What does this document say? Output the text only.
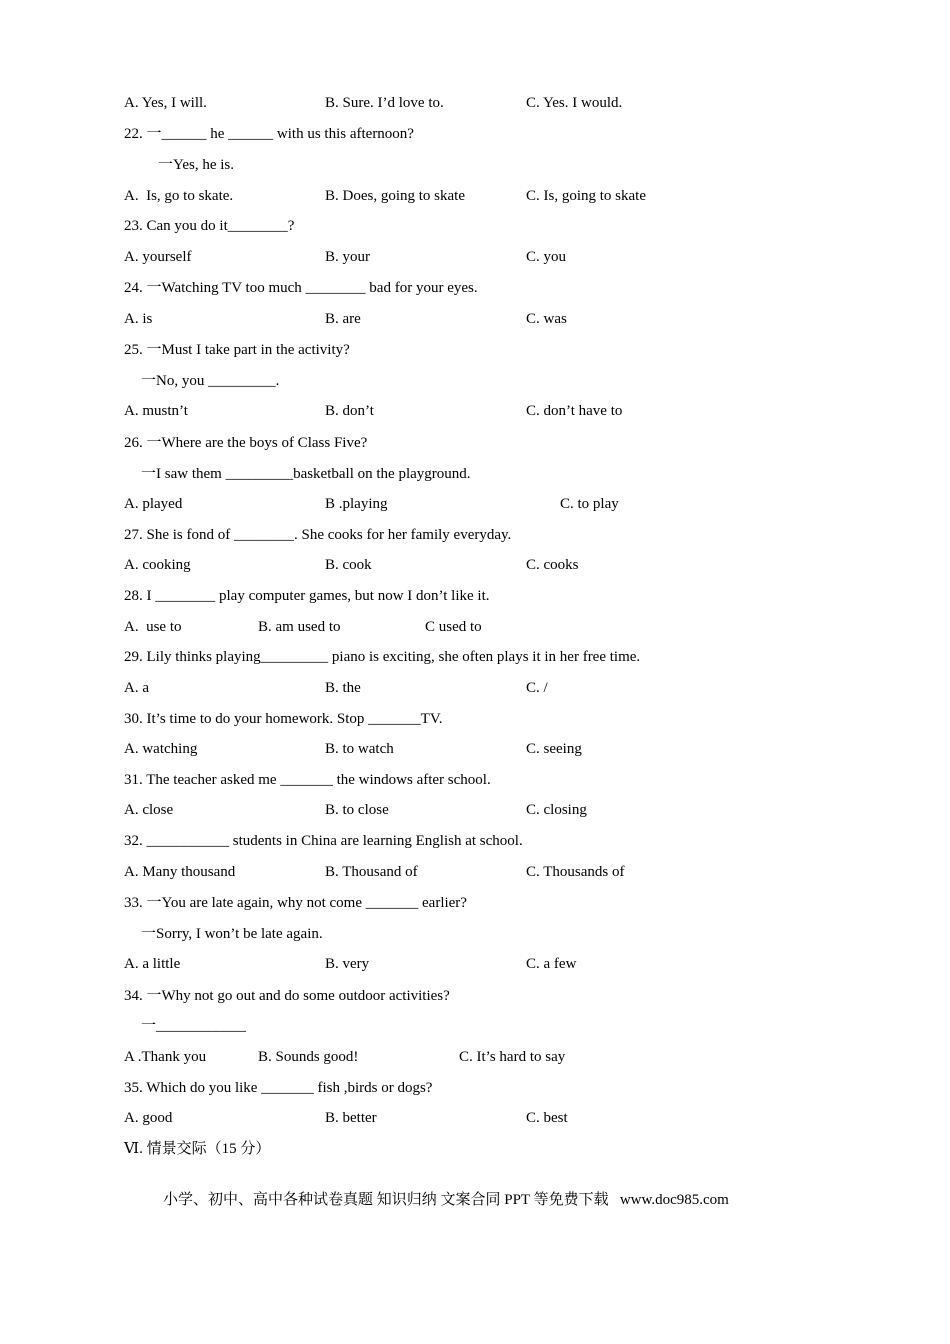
A. Yes, I will.	B. Sure. I’d love to.	C. Yes. I would.
22. 一______ he ______ with us this afternoon?
一Yes, he is.
A.  Is, go to skate.	B. Does, going to skate	C. Is, going to skate
23. Can you do it________?
A. yourself	B. your	C. you
24. 一Watching TV too much ________ bad for your eyes.
A. is	B. are	C. was
25. 一Must I take part in the activity?
一No, you _________.
A. mustn’t	B. don’t	C. don’t have to
26. 一Where are the boys of Class Five?
一I saw them _________basketball on the playground.
A. played	B .playing	C. to play
27. She is fond of ________. She cooks for her family everyday.
A. cooking	B. cook	C. cooks
28. I ________ play computer games, but now I don’t like it.
A.  use to	B. am used to	C used to
29. Lily thinks playing_________ piano is exciting, she often plays it in her free time.
A. a	B. the	C. /
30. It’s time to do your homework. Stop _______TV.
A. watching	B. to watch	C. seeing
31. The teacher asked me _______ the windows after school.
A. close	B. to close	C. closing
32. ___________ students in China are learning English at school.
A. Many thousand	B. Thousand of	C. Thousands of
33. 一You are late again, why not come _______ earlier?
一Sorry, I won’t be late again.
A. a little	B. very	C. a few
34. 一Why not go out and do some outdoor activities?
一____________
A .Thank you	B. Sounds good!	C. It’s hard to say
35. Which do you like _______ fish ,birds or dogs?
A. good	B. better	C. best
Ⅵ. 情景交际（15 分）
小学、初中、高中各种试卷真题 知识归纳 文案合同 PPT 等免费下载   www.doc985.com
